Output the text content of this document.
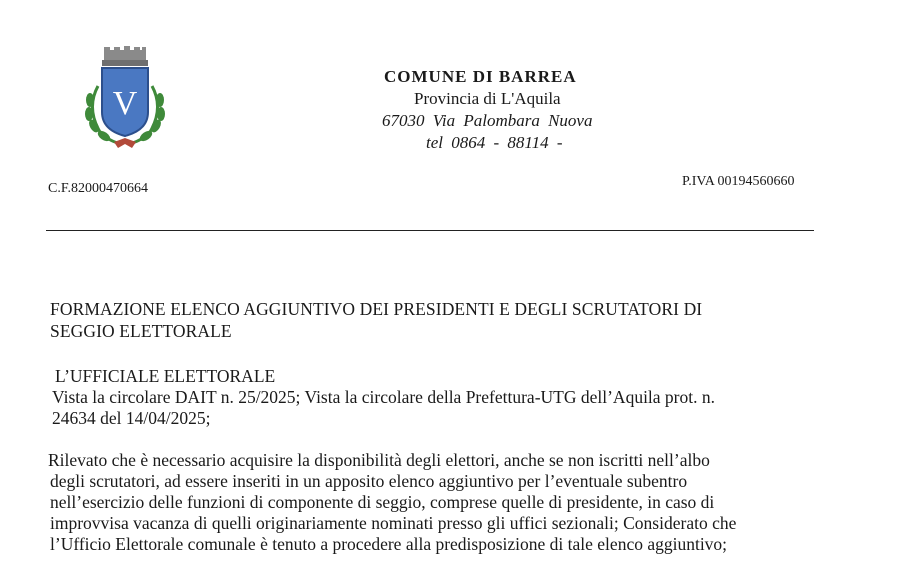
V
COMUNE DI BARREA
Provincia di L'Aquila
67030 Via Palombara Nuova
tel 0864 - 88114 -
C.F.82000470664	P.IVA 00194560660
FORMAZIONE ELENCO AGGIUNTIVO DEI PRESIDENTI E DEGLI SCRUTATORI DI
SEGGIO ELETTORALE
L’UFFICIALE ELETTORALE
Vista la circolare DAIT n. 25/2025; Vista la circolare della Prefettura-UTG dell’Aquila prot. n.
24634 del 14/04/2025;
Rilevato che è necessario acquisire la disponibilità degli elettori, anche se non iscritti nell’albo
degli scrutatori, ad essere inseriti in un apposito elenco aggiuntivo per l’eventuale subentro
nell’esercizio delle funzioni di componente di seggio, comprese quelle di presidente, in caso di
improvvisa vacanza di quelli originariamente nominati presso gli uffici sezionali; Considerato che
l’Ufficio Elettorale comunale è tenuto a procedere alla predisposizione di tale elenco aggiuntivo;
